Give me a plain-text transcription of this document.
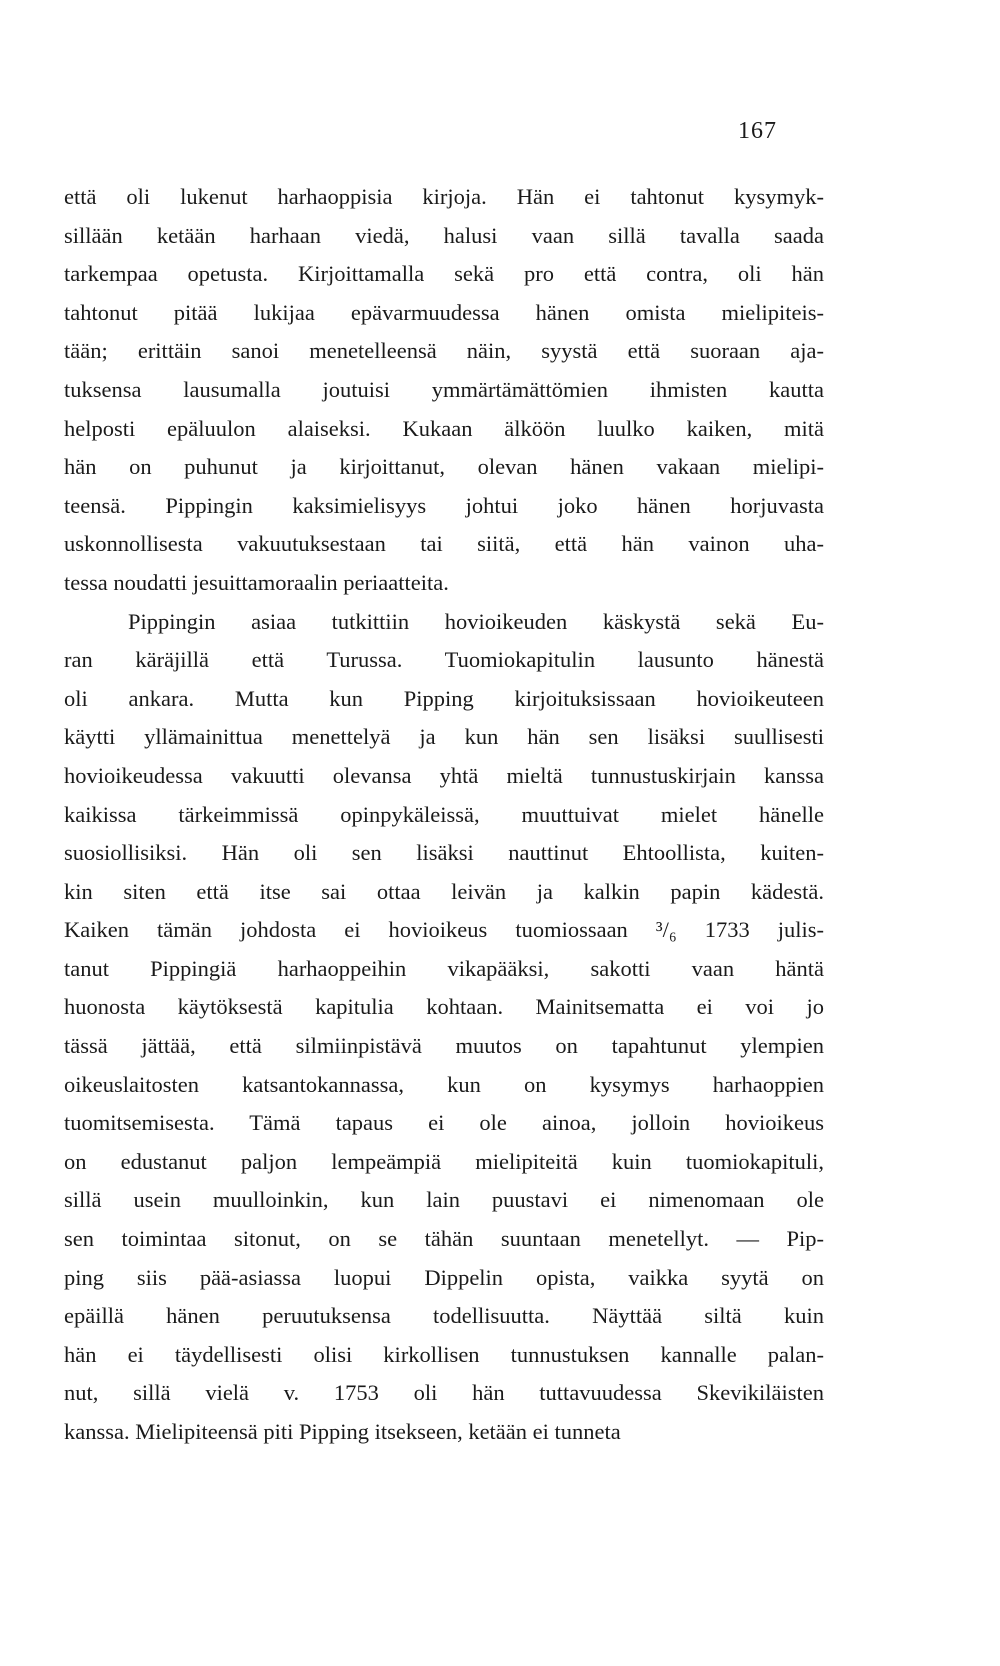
167
että oli lukenut harhaoppisia kirjoja. Hän ei tahtonut kysymyk-
sillään ketään harhaan viedä, halusi vaan sillä tavalla saada
tarkempaa opetusta. Kirjoittamalla sekä pro että contra, oli hän
tahtonut pitää lukijaa epävarmuudessa hänen omista mielipiteis-
tään; erittäin sanoi menetelleensä näin, syystä että suoraan aja-
tuksensa lausumalla joutuisi ymmärtämättömien ihmisten kautta
helposti epäluulon alaiseksi. Kukaan älköön luulko kaiken, mitä
hän on puhunut ja kirjoittanut, olevan hänen vakaan mielipi-
teensä. Pippingin kaksimielisyys johtui joko hänen horjuvasta
uskonnollisesta vakuutuksestaan tai siitä, että hän vainon uha-
tessa noudatti jesuittamoraalin periaatteita.
Pippingin asiaa tutkittiin hovioikeuden käskystä sekä Eu-
ran käräjillä että Turussa. Tuomiokapitulin lausunto hänestä
oli ankara. Mutta kun Pipping kirjoituksissaan hovioikeuteen
käytti yllämainittua menettelyä ja kun hän sen lisäksi suullisesti
hovioikeudessa vakuutti olevansa yhtä mieltä tunnustuskirjain kanssa
kaikissa tärkeimmissä opinpykäleissä, muuttuivat mielet hänelle
suosiollisiksi. Hän oli sen lisäksi nauttinut Ehtoollista, kuiten-
kin siten että itse sai ottaa leivän ja kalkin papin kädestä.
Kaiken tämän johdosta ei hovioikeus tuomiossaan ³/₆ 1733 julis-
tanut Pippingiä harhaoppeihin vikapääksi, sakotti vaan häntä
huonosta käytöksestä kapitulia kohtaan. Mainitsematta ei voi jo
tässä jättää, että silmiinpistävä muutos on tapahtunut ylempien
oikeuslaitosten katsantokannassa, kun on kysymys harhaoppien
tuomitsemisesta. Tämä tapaus ei ole ainoa, jolloin hovioikeus
on edustanut paljon lempeämpiä mielipiteitä kuin tuomiokapituli,
sillä usein muulloinkin, kun lain puustavi ei nimenomaan ole
sen toimintaa sitonut, on se tähän suuntaan menetellyt. — Pip-
ping siis pää-asiassa luopui Dippelin opista, vaikka syytä on
epäillä hänen peruutuksensa todellisuutta. Näyttää siltä kuin
hän ei täydellisesti olisi kirkollisen tunnustuksen kannalle palan-
nut, sillä vielä v. 1753 oli hän tuttavuudessa Skevikiläisten
kanssa. Mielipiteensä piti Pipping itsekseen, ketään ei tunneta
